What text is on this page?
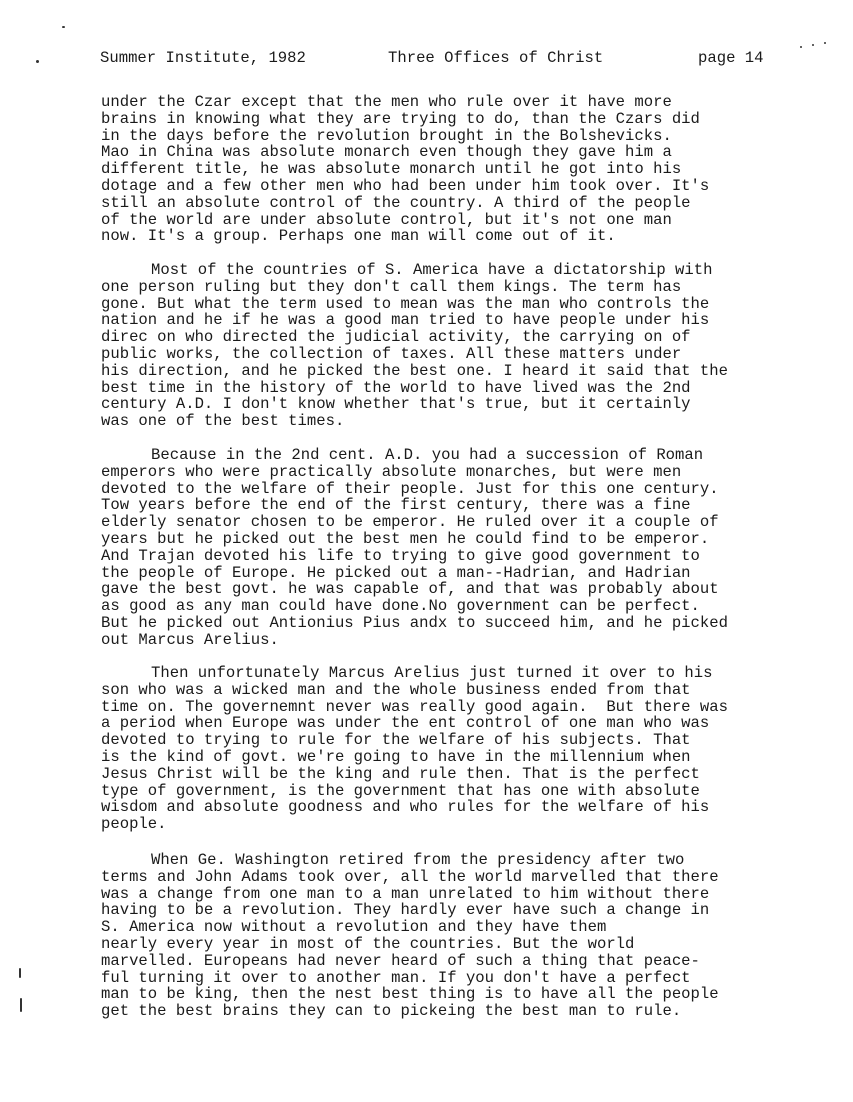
Summer Institute, 1982	Three Offices of Christ	page 14
under the Czar except that the men who rule over it have more
brains in knowing what they are trying to do, than the Czars did
in the days before the revolution brought in the Bolshevicks.
Mao in China was absolute monarch even though they gave him a
different title, he was absolute monarch until he got into his
dotage and a few other men who had been under him took over. It's
still an absolute control of the country. A third of the people
of the world are under absolute control, but it's not one man
now. It's a group. Perhaps one man will come out of it.
Most of the countries of S. America have a dictatorship with
one person ruling but they don't call them kings. The term has
gone. But what the term used to mean was the man who controls the
nation and he if he was a good man tried to have people under his
direc on who directed the judicial activity, the carrying on of
public works, the collection of taxes. All these matters under
his direction, and he picked the best one. I heard it said that the
best time in the history of the world to have lived was the 2nd
century A.D. I don't know whether that's true, but it certainly
was one of the best times.
Because in the 2nd cent. A.D. you had a succession of Roman
emperors who were practically absolute monarches, but were men
devoted to the welfare of their people. Just for this one century.
Tow years before the end of the first century, there was a fine
elderly senator chosen to be emperor. He ruled over it a couple of
years but he picked out the best men he could find to be emperor.
And Trajan devoted his life to trying to give good government to
the people of Europe. He picked out a man--Hadrian, and Hadrian
gave the best govt. he was capable of, and that was probably about
as good as any man could have done.No government can be perfect.
But he picked out Antionius Pius andx to succeed him, and he picked
out Marcus Arelius.
Then unfortunately Marcus Arelius just turned it over to his
son who was a wicked man and the whole business ended from that
time on. The governemnt never was really good again.  But there was
a period when Europe was under the ent control of one man who was
devoted to trying to rule for the welfare of his subjects. That
is the kind of govt. we're going to have in the millennium when
Jesus Christ will be the king and rule then. That is the perfect
type of government, is the government that has one with absolute
wisdom and absolute goodness and who rules for the welfare of his
people.
When Ge. Washington retired from the presidency after two
terms and John Adams took over, all the world marvelled that there
was a change from one man to a man unrelated to him without there
having to be a revolution. They hardly ever have such a change in
S. America now without a revolution and they have them
nearly every year in most of the countries. But the world
marvelled. Europeans had never heard of such a thing that peace-
ful turning it over to another man. If you don't have a perfect
man to be king, then the nest best thing is to have all the people
get the best brains they can to pickeing the best man to rule.
